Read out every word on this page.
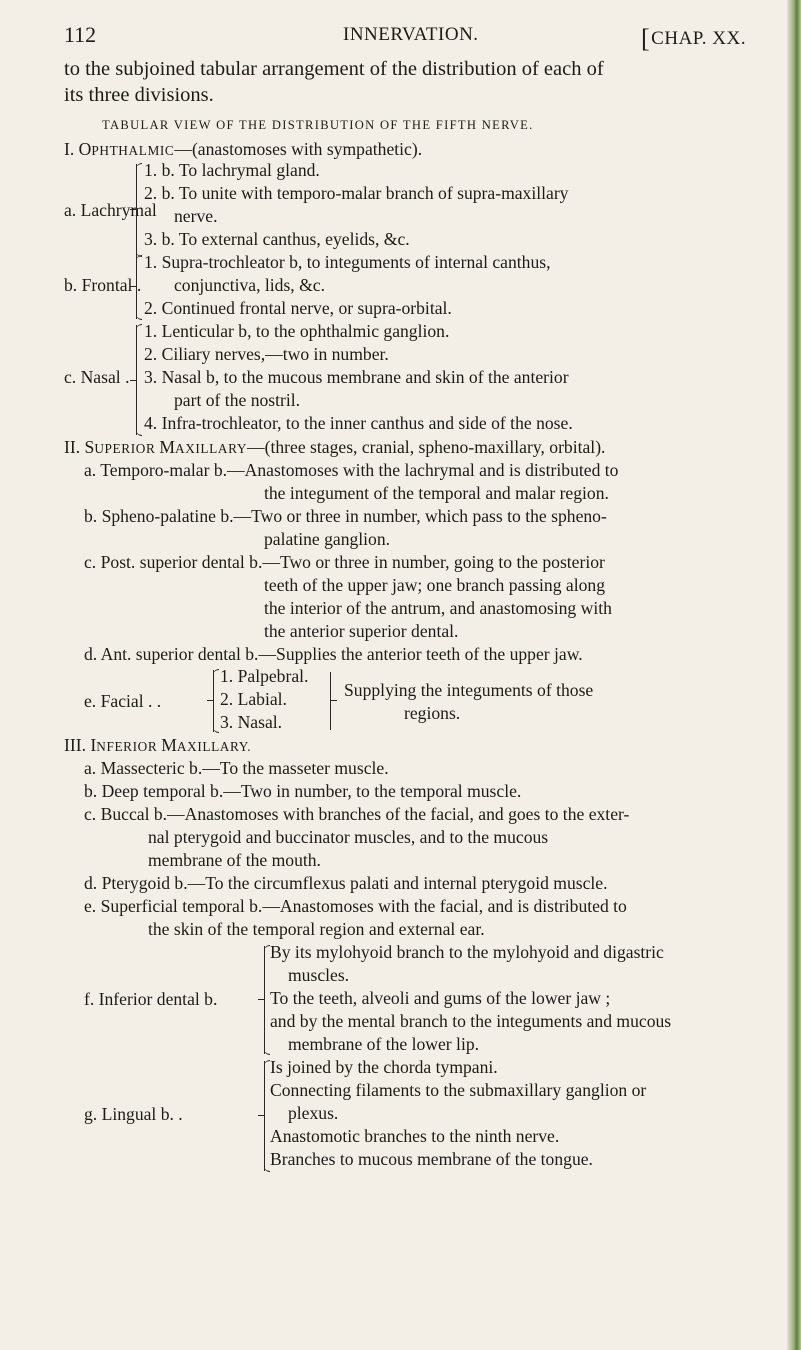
112	INNERVATION.	[CHAP. XX.
to the subjoined tabular arrangement of the distribution of each of
its three divisions.
TABULAR VIEW OF THE DISTRIBUTION OF THE FIFTH NERVE.
I. OPHTHALMIC—(anastomoses with sympathetic).
a. Lachrymal
1. b. To lachrymal gland.
2. b. To unite with temporo-malar branch of supra-maxillary
nerve.
3. b. To external canthus, eyelids, &c.
b. Frontal .
1. Supra-trochleator b, to integuments of internal canthus,
conjunctiva, lids, &c.
2. Continued frontal nerve, or supra-orbital.
c. Nasal .
1. Lenticular b, to the ophthalmic ganglion.
2. Ciliary nerves,—two in number.
3. Nasal b, to the mucous membrane and skin of the anterior
part of the nostril.
4. Infra-trochleator, to the inner canthus and side of the nose.
II. SUPERIOR MAXILLARY—(three stages, cranial, spheno-maxillary, orbital).
a. Temporo-malar b.—Anastomoses with the lachrymal and is distributed to
the integument of the temporal and malar region.
b. Spheno-palatine b.—Two or three in number, which pass to the spheno-
palatine ganglion.
c. Post. superior dental b.—Two or three in number, going to the posterior
teeth of the upper jaw; one branch passing along
the interior of the antrum, and anastomosing with
the anterior superior dental.
d. Ant. superior dental b.—Supplies the anterior teeth of the upper jaw.
e. Facial . .
1. Palpebral.
2. Labial.
3. Nasal.
Supplying the integuments of those
regions.
III. INFERIOR MAXILLARY.
a. Massecteric b.—To the masseter muscle.
b. Deep temporal b.—Two in number, to the temporal muscle.
c. Buccal b.—Anastomoses with branches of the facial, and goes to the exter-
nal pterygoid and buccinator muscles, and to the mucous
membrane of the mouth.
d. Pterygoid b.—To the circumflexus palati and internal pterygoid muscle.
e. Superficial temporal b.—Anastomoses with the facial, and is distributed to
the skin of the temporal region and external ear.
f. Inferior dental b.
By its mylohyoid branch to the mylohyoid and digastric
muscles.
To the teeth, alveoli and gums of the lower jaw ;
and by the mental branch to the integuments and mucous
membrane of the lower lip.
g. Lingual b. .
Is joined by the chorda tympani.
Connecting filaments to the submaxillary ganglion or
plexus.
Anastomotic branches to the ninth nerve.
Branches to mucous membrane of the tongue.
